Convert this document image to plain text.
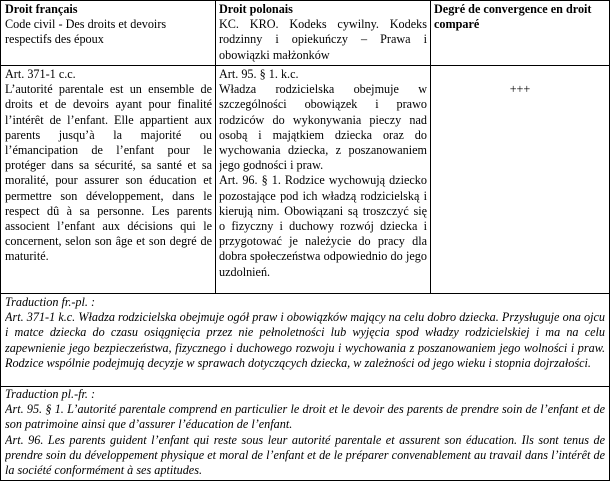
Droit français

Code civil - Des droits et devoirs respectifs des époux

Droit polonais

KC. KRO. Kodeks cywilny. Kodeks rodzinny i opiekuńczy – Prawa i obowiązki małżonków

Degré de convergence en droit comparé

Art. 371-1 c.c.

L’autorité parentale est un ensemble de droits et de devoirs ayant pour finalité l’intérêt de l’enfant. Elle appartient aux parents jusqu’à la majorité ou l’émancipation de l’enfant pour le protéger dans sa sécurité, sa santé et sa moralité, pour assurer son éducation et permettre son développement, dans le respect dû à sa personne. Les parents associent l’enfant aux décisions qui le concernent, selon son âge et son degré de maturité.

Art. 95. § 1. k.c.

Władza rodzicielska obejmuje w szczególności obowiązek i prawo rodziców do wykonywania pieczy nad osobą i majątkiem dziecka oraz do wychowania dziecka, z poszanowaniem jego godności i praw.

Art. 96. § 1. Rodzice wychowują dziecko pozostające pod ich władzą rodzicielską i kierują nim. Obowiązani są troszczyć się o fizyczny i duchowy rozwój dziecka i przygotować je należycie do pracy dla dobra społeczeństwa odpowiednio do jego uzdolnień.

+++

Traduction fr.-pl. :

Art. 371-1 k.c. Władza rodzicielska obejmuje ogół praw i obowiązków mający na celu dobro dziecka. Przysługuje ona ojcu i matce dziecka do czasu osiągnięcia przez nie pełnoletności lub wyjęcia spod władzy rodzicielskiej i ma na celu zapewnienie jego bezpieczeństwa, fizycznego i duchowego rozwoju i wychowania z poszanowaniem jego wolności i praw. Rodzice wspólnie podejmują decyzje w sprawach dotyczących dziecka, w zależności od jego wieku i stopnia dojrzałości.

Traduction pl.-fr. :

Art. 95. § 1. L’autorité parentale comprend en particulier le droit et le devoir des parents de prendre soin de l’enfant et de son patrimoine ainsi que d’assurer l’éducation de l’enfant.

Art. 96. Les parents guident l’enfant qui reste sous leur autorité parentale et assurent son éducation. Ils sont tenus de prendre soin du développement physique et moral de l’enfant et de le préparer convenablement au travail dans l’intérêt de la société conformément à ses aptitudes.
